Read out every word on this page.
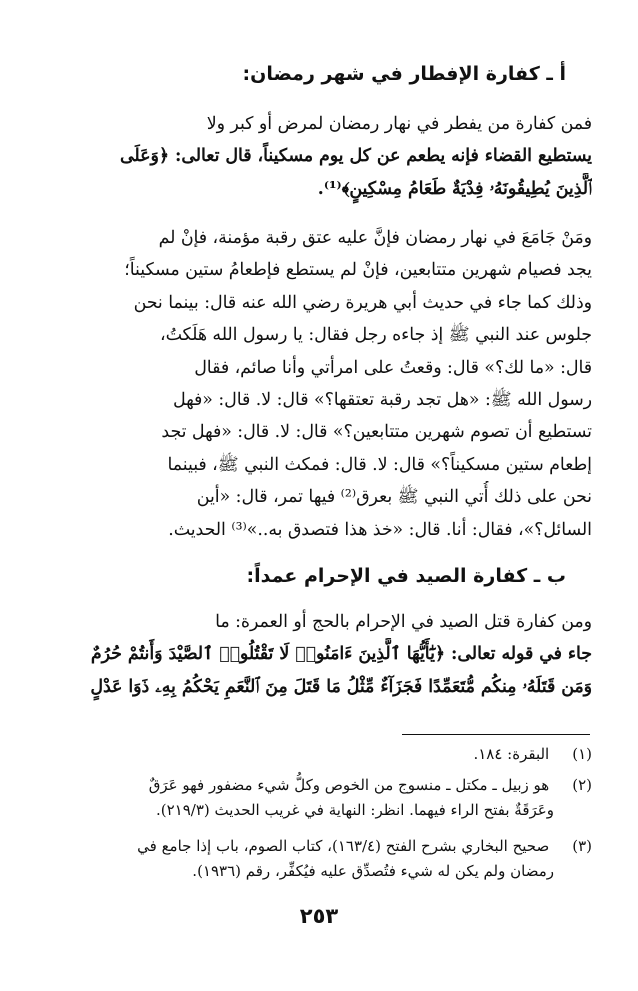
أ ـ كفارة الإفطار في شهر رمضان:
فمن كفارة من يفطر في نهار رمضان لمرض أو كبر ولا
يستطيع القضاء فإنه يطعم عن كل يوم مسكيناً، قال تعالى: ﴿وَعَلَى
ٱلَّذِينَ يُطِيقُونَهُۥ فِدْيَةٌ طَعَامُ مِسْكِينٍ﴾⁽¹⁾.
ومَنْ جَامَعَ في نهار رمضان فإنَّ عليه عتق رقبة مؤمنة، فإنْ لم
يجد فصيام شهرين متتابعين، فإنْ لم يستطع فإطعامُ ستين مسكيناً؛
وذلك كما جاء في حديث أبي هريرة رضي الله عنه قال: بينما نحن
جلوس عند النبي ﷺ إذ جاءه رجل فقال: يا رسول الله هَلَكتُ،
قال: «ما لك؟» قال: وقعتُ على امرأتي وأنا صائم، فقال
رسول الله ﷺ: «هل تجد رقبة تعتقها؟» قال: لا. قال: «فهل
تستطيع أن تصوم شهرين متتابعين؟» قال: لا. قال: «فهل تجد
إطعام ستين مسكيناً؟» قال: لا. قال: فمكث النبي ﷺ، فبينما
نحن على ذلك أُتي النبي ﷺ بعرق⁽²⁾ فيها تمر، قال: «أين
السائل؟»، فقال: أنا. قال: «خذ هذا فتصدق به..»⁽³⁾ الحديث.
ب ـ كفارة الصيد في الإحرام عمداً:
ومن كفارة قتل الصيد في الإحرام بالحج أو العمرة: ما
جاء في قوله تعالى: ﴿يَٰٓأَيُّهَا ٱلَّذِينَ ءَامَنُوا۟ لَا تَقْتُلُوا۟ ٱلصَّيْدَ وَأَنتُمْ حُرُمٌ
وَمَن قَتَلَهُۥ مِنكُم مُّتَعَمِّدًا فَجَزَآءٌ مِّثْلُ مَا قَتَلَ مِنَ ٱلنَّعَمِ يَحْكُمُ بِهِۦ ذَوَا عَدْلٍ
(١) البقرة: ١٨٤.
(٢) هو زبيل ـ مكتل ـ منسوج من الخوص وكلُّ شيء مضفور فهو عَرَقٌ
وعَرَقَةٌ بفتح الراء فيهما. انظر: النهاية في غريب الحديث (٢١٩/٣).
(٣) صحيح البخاري بشرح الفتح (١٦٣/٤)، كتاب الصوم، باب إذا جامع في
رمضان ولم يكن له شيء فتُصدِّق عليه فيُكفِّر، رقم (١٩٣٦).
٢٥٣
